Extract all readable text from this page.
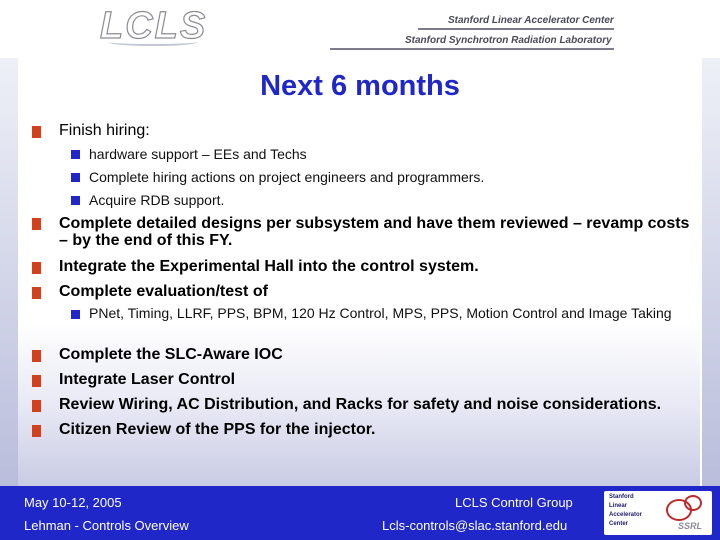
LCLS	Stanford Linear Accelerator Center
Stanford Synchrotron Radiation Laboratory
Next 6 months
Finish hiring:
hardware support – EEs and Techs
Complete hiring actions on project engineers and programmers.
Acquire RDB support.
Complete detailed designs per subsystem and have them reviewed – revamp costs – by the end of this FY.
Integrate the Experimental Hall into the control system.
Complete evaluation/test of
PNet, Timing, LLRF, PPS, BPM, 120 Hz Control, MPS, PPS, Motion Control and Image Taking
Complete the SLC-Aware IOC
Integrate Laser Control
Review Wiring, AC Distribution, and Racks for safety and noise considerations.
Citizen Review of the PPS for the injector.
May 10-12, 2005
Lehman - Controls Overview
LCLS Control Group
Lcls-controls@slac.stanford.edu
Stanford
Linear
Accelerator
Center	SSRL
